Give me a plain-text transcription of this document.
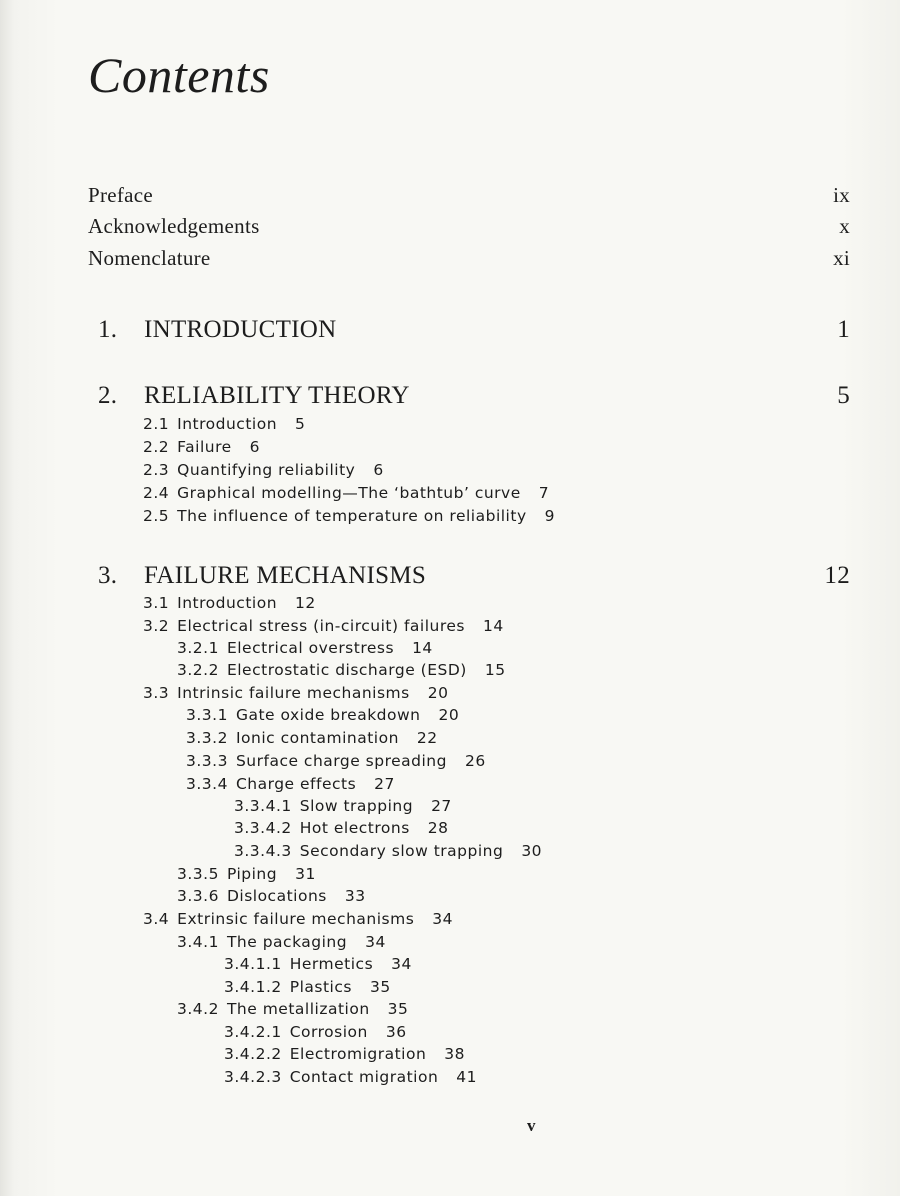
Contents
Preface	ix
Acknowledgements	x
Nomenclature	xi
1. INTRODUCTION	1
2. RELIABILITY THEORY	5
2.1 Introduction 5
2.2 Failure 6
2.3 Quantifying reliability 6
2.4 Graphical modelling—The ‘bathtub’ curve 7
2.5 The influence of temperature on reliability 9
3. FAILURE MECHANISMS	12
3.1 Introduction 12
3.2 Electrical stress (in-circuit) failures 14
3.2.1 Electrical overstress 14
3.2.2 Electrostatic discharge (ESD) 15
3.3 Intrinsic failure mechanisms 20
3.3.1 Gate oxide breakdown 20
3.3.2 Ionic contamination 22
3.3.3 Surface charge spreading 26
3.3.4 Charge effects 27
3.3.4.1 Slow trapping 27
3.3.4.2 Hot electrons 28
3.3.4.3 Secondary slow trapping 30
3.3.5 Piping 31
3.3.6 Dislocations 33
3.4 Extrinsic failure mechanisms 34
3.4.1 The packaging 34
3.4.1.1 Hermetics 34
3.4.1.2 Plastics 35
3.4.2 The metallization 35
3.4.2.1 Corrosion 36
3.4.2.2 Electromigration 38
3.4.2.3 Contact migration 41
v
